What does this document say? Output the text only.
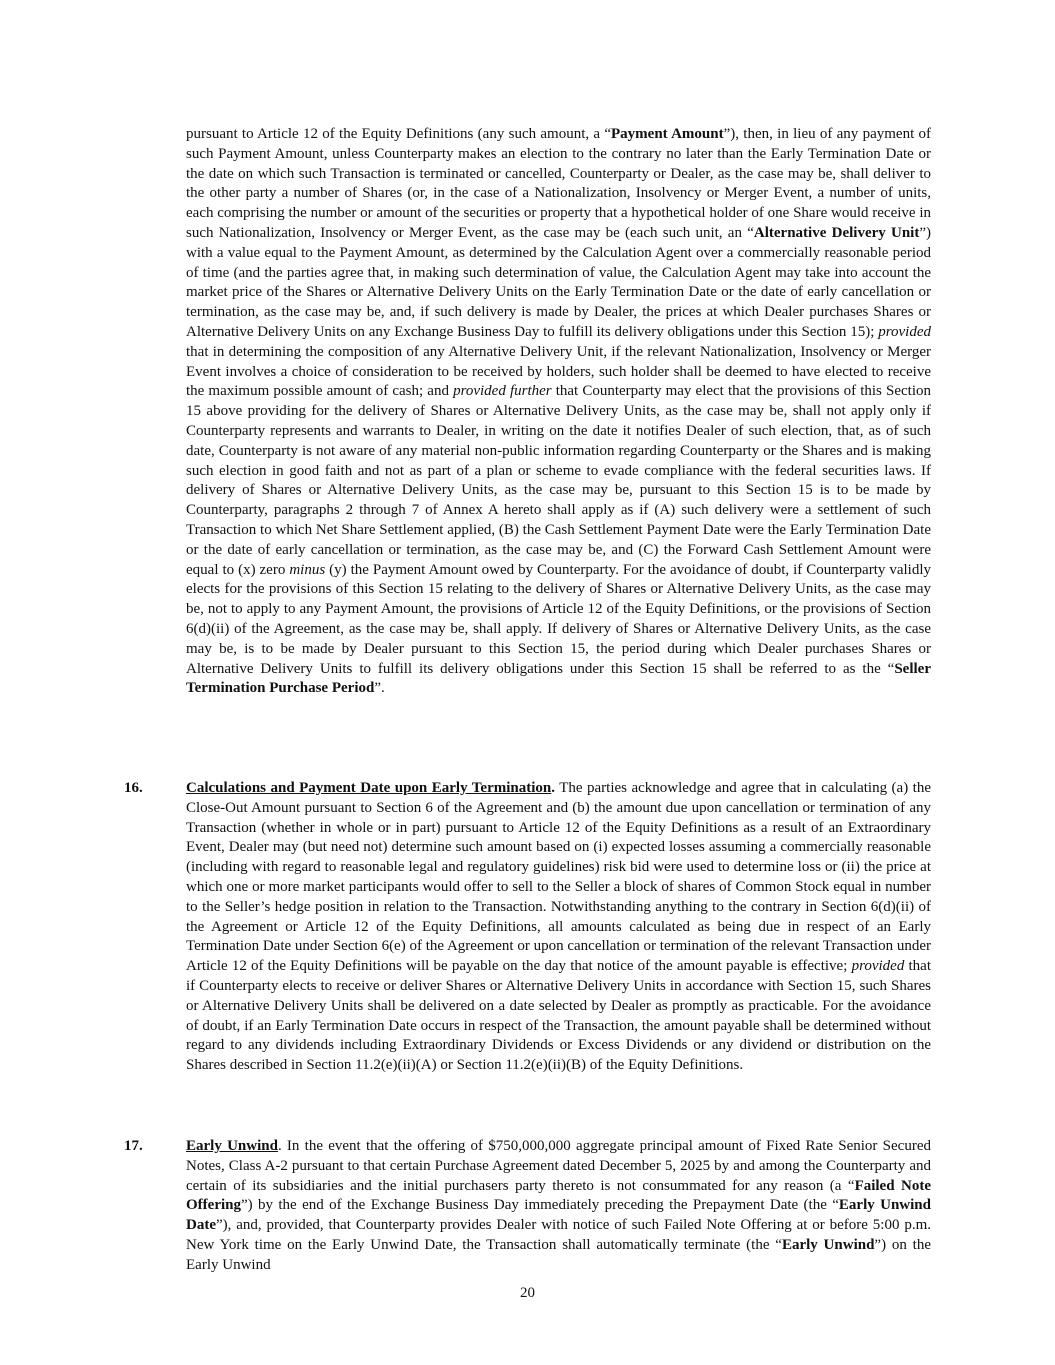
pursuant to Article 12 of the Equity Definitions (any such amount, a “Payment Amount”), then, in lieu of any payment of such Payment Amount, unless Counterparty makes an election to the contrary no later than the Early Termination Date or the date on which such Transaction is terminated or cancelled, Counterparty or Dealer, as the case may be, shall deliver to the other party a number of Shares (or, in the case of a Nationalization, Insolvency or Merger Event, a number of units, each comprising the number or amount of the securities or property that a hypothetical holder of one Share would receive in such Nationalization, Insolvency or Merger Event, as the case may be (each such unit, an “Alternative Delivery Unit”) with a value equal to the Payment Amount, as determined by the Calculation Agent over a commercially reasonable period of time (and the parties agree that, in making such determination of value, the Calculation Agent may take into account the market price of the Shares or Alternative Delivery Units on the Early Termination Date or the date of early cancellation or termination, as the case may be, and, if such delivery is made by Dealer, the prices at which Dealer purchases Shares or Alternative Delivery Units on any Exchange Business Day to fulfill its delivery obligations under this Section 15); provided that in determining the composition of any Alternative Delivery Unit, if the relevant Nationalization, Insolvency or Merger Event involves a choice of consideration to be received by holders, such holder shall be deemed to have elected to receive the maximum possible amount of cash; and provided further that Counterparty may elect that the provisions of this Section 15 above providing for the delivery of Shares or Alternative Delivery Units, as the case may be, shall not apply only if Counterparty represents and warrants to Dealer, in writing on the date it notifies Dealer of such election, that, as of such date, Counterparty is not aware of any material non-public information regarding Counterparty or the Shares and is making such election in good faith and not as part of a plan or scheme to evade compliance with the federal securities laws. If delivery of Shares or Alternative Delivery Units, as the case may be, pursuant to this Section 15 is to be made by Counterparty, paragraphs 2 through 7 of Annex A hereto shall apply as if (A) such delivery were a settlement of such Transaction to which Net Share Settlement applied, (B) the Cash Settlement Payment Date were the Early Termination Date or the date of early cancellation or termination, as the case may be, and (C) the Forward Cash Settlement Amount were equal to (x) zero minus (y) the Payment Amount owed by Counterparty. For the avoidance of doubt, if Counterparty validly elects for the provisions of this Section 15 relating to the delivery of Shares or Alternative Delivery Units, as the case may be, not to apply to any Payment Amount, the provisions of Article 12 of the Equity Definitions, or the provisions of Section 6(d)(ii) of the Agreement, as the case may be, shall apply. If delivery of Shares or Alternative Delivery Units, as the case may be, is to be made by Dealer pursuant to this Section 15, the period during which Dealer purchases Shares or Alternative Delivery Units to fulfill its delivery obligations under this Section 15 shall be referred to as the “Seller Termination Purchase Period”.

16.	Calculations and Payment Date upon Early Termination. The parties acknowledge and agree that in calculating (a) the Close-Out Amount pursuant to Section 6 of the Agreement and (b) the amount due upon cancellation or termination of any Transaction (whether in whole or in part) pursuant to Article 12 of the Equity Definitions as a result of an Extraordinary Event, Dealer may (but need not) determine such amount based on (i) expected losses assuming a commercially reasonable (including with regard to reasonable legal and regulatory guidelines) risk bid were used to determine loss or (ii) the price at which one or more market participants would offer to sell to the Seller a block of shares of Common Stock equal in number to the Seller’s hedge position in relation to the Transaction. Notwithstanding anything to the contrary in Section 6(d)(ii) of the Agreement or Article 12 of the Equity Definitions, all amounts calculated as being due in respect of an Early Termination Date under Section 6(e) of the Agreement or upon cancellation or termination of the relevant Transaction under Article 12 of the Equity Definitions will be payable on the day that notice of the amount payable is effective; provided that if Counterparty elects to receive or deliver Shares or Alternative Delivery Units in accordance with Section 15, such Shares or Alternative Delivery Units shall be delivered on a date selected by Dealer as promptly as practicable. For the avoidance of doubt, if an Early Termination Date occurs in respect of the Transaction, the amount payable shall be determined without regard to any dividends including Extraordinary Dividends or Excess Dividends or any dividend or distribution on the Shares described in Section 11.2(e)(ii)(A) or Section 11.2(e)(ii)(B) of the Equity Definitions.

17.	Early Unwind. In the event that the offering of $750,000,000 aggregate principal amount of Fixed Rate Senior Secured Notes, Class A-2 pursuant to that certain Purchase Agreement dated December 5, 2025 by and among the Counterparty and certain of its subsidiaries and the initial purchasers party thereto is not consummated for any reason (a “Failed Note Offering”) by the end of the Exchange Business Day immediately preceding the Prepayment Date (the “Early Unwind Date”), and, provided, that Counterparty provides Dealer with notice of such Failed Note Offering at or before 5:00 p.m. New York time on the Early Unwind Date, the Transaction shall automatically terminate (the “Early Unwind”) on the Early Unwind

20
